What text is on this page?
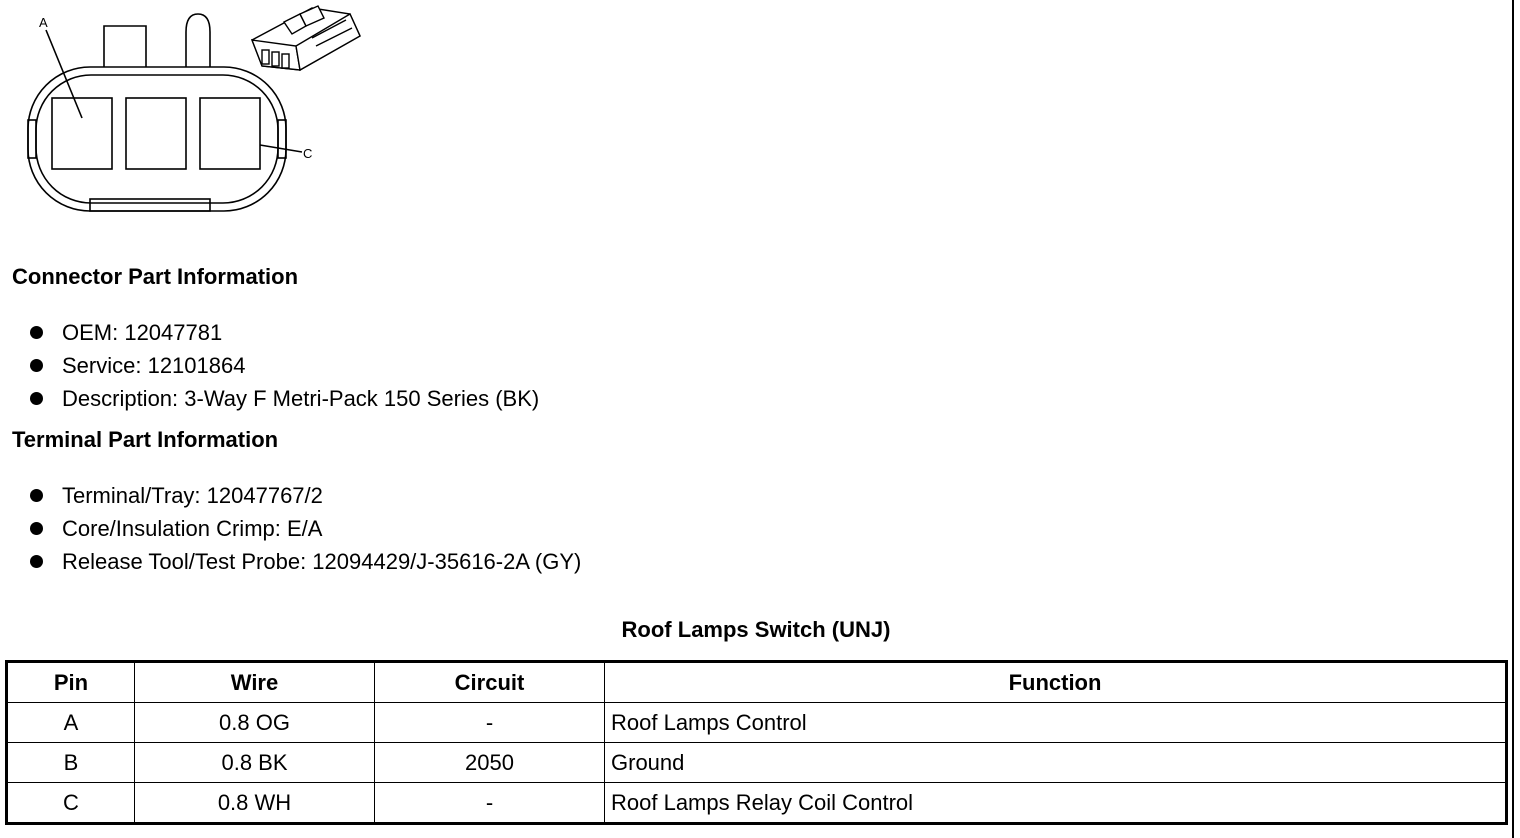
A
C
Connector Part Information
OEM: 12047781
Service: 12101864
Description: 3-Way F Metri-Pack 150 Series (BK)
Terminal Part Information
Terminal/Tray: 12047767/2
Core/Insulation Crimp: E/A
Release Tool/Test Probe: 12094429/J-35616-2A (GY)
Roof Lamps Switch (UNJ)
Pin	Wire	Circuit	Function
A	0.8 OG	-	Roof Lamps Control
B	0.8 BK	2050	Ground
C	0.8 WH	-	Roof Lamps Relay Coil Control
